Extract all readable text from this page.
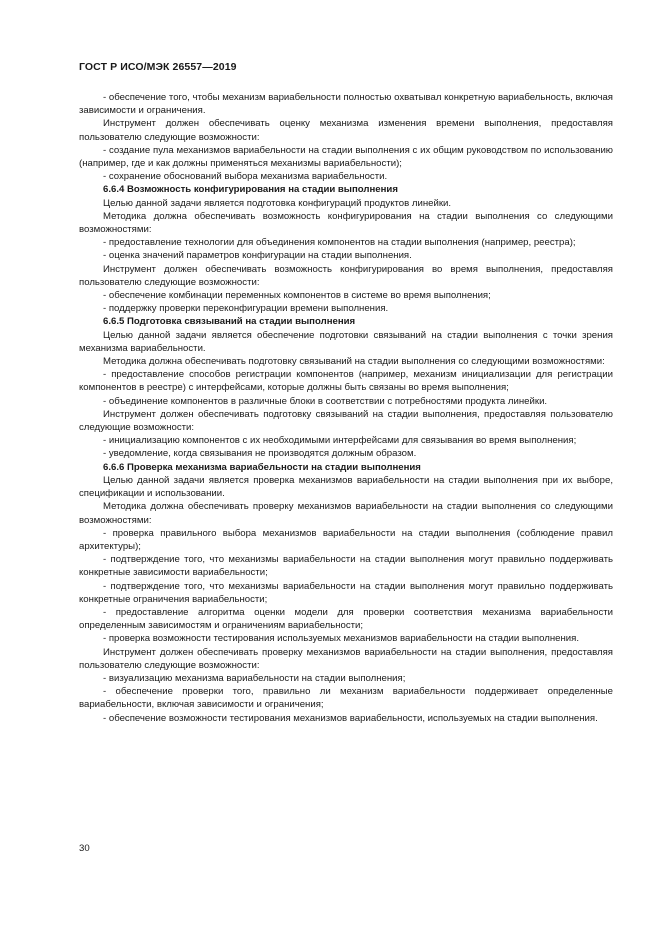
ГОСТ Р ИСО/МЭК 26557—2019

- обеспечение того, чтобы механизм вариабельности полностью охватывал конкретную вариабельность, включая зависимости и ограничения.

Инструмент должен обеспечивать оценку механизма изменения времени выполнения, предоставляя пользователю следующие возможности:

- создание пула механизмов вариабельности на стадии выполнения с их общим руководством по использованию (например, где и как должны применяться механизмы вариабельности);

- сохранение обоснований выбора механизма вариабельности.

6.6.4 Возможность конфигурирования на стадии выполнения

Целью данной задачи является подготовка конфигураций продуктов линейки.

Методика должна обеспечивать возможность конфигурирования на стадии выполнения со следующими возможностями:

- предоставление технологии для объединения компонентов на стадии выполнения (например, реестра);

- оценка значений параметров конфигурации на стадии выполнения.

Инструмент должен обеспечивать возможность конфигурирования во время выполнения, предоставляя пользователю следующие возможности:

- обеспечение комбинации переменных компонентов в системе во время выполнения;

- поддержку проверки переконфигурации времени выполнения.

6.6.5 Подготовка связываний на стадии выполнения

Целью данной задачи является обеспечение подготовки связываний на стадии выполнения с точки зрения механизма вариабельности.

Методика должна обеспечивать подготовку связываний на стадии выполнения со следующими возможностями:

- предоставление способов регистрации компонентов (например, механизм инициализации для регистрации компонентов в реестре) с интерфейсами, которые должны быть связаны во время выполнения;

- объединение компонентов в различные блоки в соответствии с потребностями продукта линейки.

Инструмент должен обеспечивать подготовку связываний на стадии выполнения, предоставляя пользователю следующие возможности:

- инициализацию компонентов с их необходимыми интерфейсами для связывания во время выполнения;

- уведомление, когда связывания не производятся должным образом.

6.6.6 Проверка механизма вариабельности на стадии выполнения

Целью данной задачи является проверка механизмов вариабельности на стадии выполнения при их выборе, спецификации и использовании.

Методика должна обеспечивать проверку механизмов вариабельности на стадии выполнения со следующими возможностями:

- проверка правильного выбора механизмов вариабельности на стадии выполнения (соблюдение правил архитектуры);

- подтверждение того, что механизмы вариабельности на стадии выполнения могут правильно поддерживать конкретные зависимости вариабельности;

- подтверждение того, что механизмы вариабельности на стадии выполнения могут правильно поддерживать конкретные ограничения вариабельности;

- предоставление алгоритма оценки модели для проверки соответствия механизма вариабельности определенным зависимостям и ограничениям вариабельности;

- проверка возможности тестирования используемых механизмов вариабельности на стадии выполнения.

Инструмент должен обеспечивать проверку механизмов вариабельности на стадии выполнения, предоставляя пользователю следующие возможности:

- визуализацию механизма вариабельности на стадии выполнения;

- обеспечение проверки того, правильно ли механизм вариабельности поддерживает определенные вариабельности, включая зависимости и ограничения;

- обеспечение возможности тестирования механизмов вариабельности, используемых на стадии выполнения.

30
